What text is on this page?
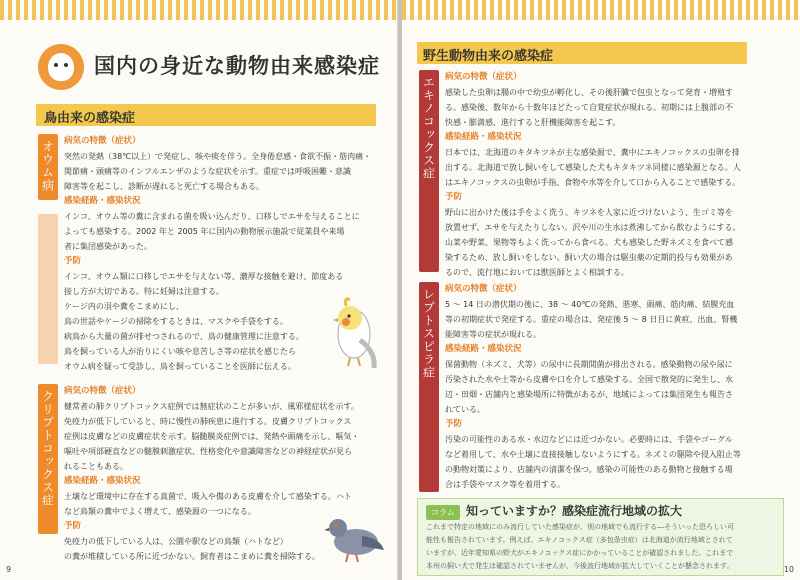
国内の身近な動物由来感染症
鳥由来の感染症
オウム病 病気の特徴（症状）

突然の発熱（38℃以上）で発症し、咳や痰を伴う。全身倦怠感・食欲不振・筋肉痛・

関節痛・頭痛等のインフルエンザのような症状を示す。重症では呼吸困難・意識

障害等を起こし、診断が遅れると死亡する場合もある。

感染経路・感染状況

インコ、オウム等の糞に含まれる菌を吸い込んだり、口移しでエサを与えることに

よっても感染する。2002 年と 2005 年に国内の動物展示施設で従業員や来場

者に集団感染があった。

予防

インコ、オウム類に口移しでエサを与えない等、濃厚な接触を避け、節度ある

接し方が大切である。特に妊婦は注意する。

ケージ内の羽や糞をこまめにし、

鳥の世話やケージの掃除をするときは、マスクや手袋をする。

病鳥から大量の菌が排せつされるので、鳥の健康管理に注意する。

鳥を飼っている人が治りにくい咳や息苦しさ等の症状を感じたら

オウム病を疑って受診し、鳥を飼っていることを医師に伝える。

クリプトコックス症 病気の特徴（症状）

健常者の肺クリプトコックス症例では無症状のことが多いが、風邪様症状を示す。

免疫力が低下していると、時に慢性の肺疾患に進行する。皮膚クリプトコックス

症例は皮膚などの皮膚症状を示す。脳髄膜炎症例では、発熱や頭痛を示し、嘔気・

嘔吐や項部硬直などの髄膜刺激症状、性格変化や意識障害などの神経症状が見ら

れることもある。

感染経路・感染状況

土壌など環境中に存在する真菌で、吸入や傷のある皮膚を介して感染する。ハト

など鳥類の糞中でよく増えて、感染源の一つになる。

予防

免疫力の低下している人は、公園や駅などの鳥類（ハトなど）

の糞が堆積している所に近づかない。飼育者はこまめに糞を掃除する。

9
野生動物由来の感染症
エキノコックス症 病気の特徴（症状）

感染した虫卵は腸の中で幼虫が孵化し、その後肝臓で包虫となって発育・増殖す

る。感染後、数年から十数年ほどたって自覚症状が現れる。初期には上腹部の不

快感・膨満感、進行すると肝機能障害を起こす。

感染経路・感染状況

日本では、北海道のキタキツネが主な感染源で、糞中にエキノコックスの虫卵を排

出する。北海道で放し飼いをして感染した犬もキタキツネ同様に感染源となる。人

はエキノコックスの虫卵が手指、食物や水等を介して口から入ることで感染する。

予防

野山に出かけた後は手をよく洗う。キツネを人家に近づけないよう、生ゴミ等を

放置せず、エサを与えたりしない。沢や川の生水は煮沸してから飲むようにする。

山菜や野菜、果物等もよく洗ってから食べる。犬も感染した野ネズミを食べて感

染するため、放し飼いをしない。飼い犬の場合は駆虫薬の定期的投与も効果があ

るので、流行地においては獣医師とよく相談する。

レプトスピラ症 病気の特徴（症状）

5 ～ 14 日の潜伏期の後に、38 ～ 40℃の発熱、悪寒、頭痛、筋肉痛、結膜充血

等の初期症状で発症する。重症の場合は、発症後 5 ～ 8 日目に黄疸、出血、腎機

能障害等の症状が現れる。

感染経路・感染状況

保菌動物（ネズミ、犬等）の尿中に長期間菌が排出される。感染動物の尿や尿に

汚染された水や土等から皮膚や口を介して感染する。全国で散発的に発生し、水

辺・田畑・店舗内と感染場所に特徴があるが、地域によっては集団発生も報告さ

れている。

予防

汚染の可能性のある水・水辺などには近づかない。必要時には、手袋やゴーグル

など着用して、水や土壌に直接接触しないようにする。ネズミの駆除や侵入阻止等

の動物対策により、店舗内の清潔を保つ。感染の可能性のある動物と接触する場

合は手袋やマスク等を着用する。

コラム 知っていますか？感染症流行地域の拡大
これまで特定の地域にのみ流行していた感染症が、別の地域でも流行する―そういった恐ろしい可
能性も報告されています。例えば、エキノコックス症（多包条虫症）は北海道が流行地域とされて
いますが、近年愛知県の野犬がエキノコックス症にかかっていることが確認されました。これまで
本州の飼い犬で発生は確認されていませんが、今後流行地域が拡大していくことが懸念されます。	10
